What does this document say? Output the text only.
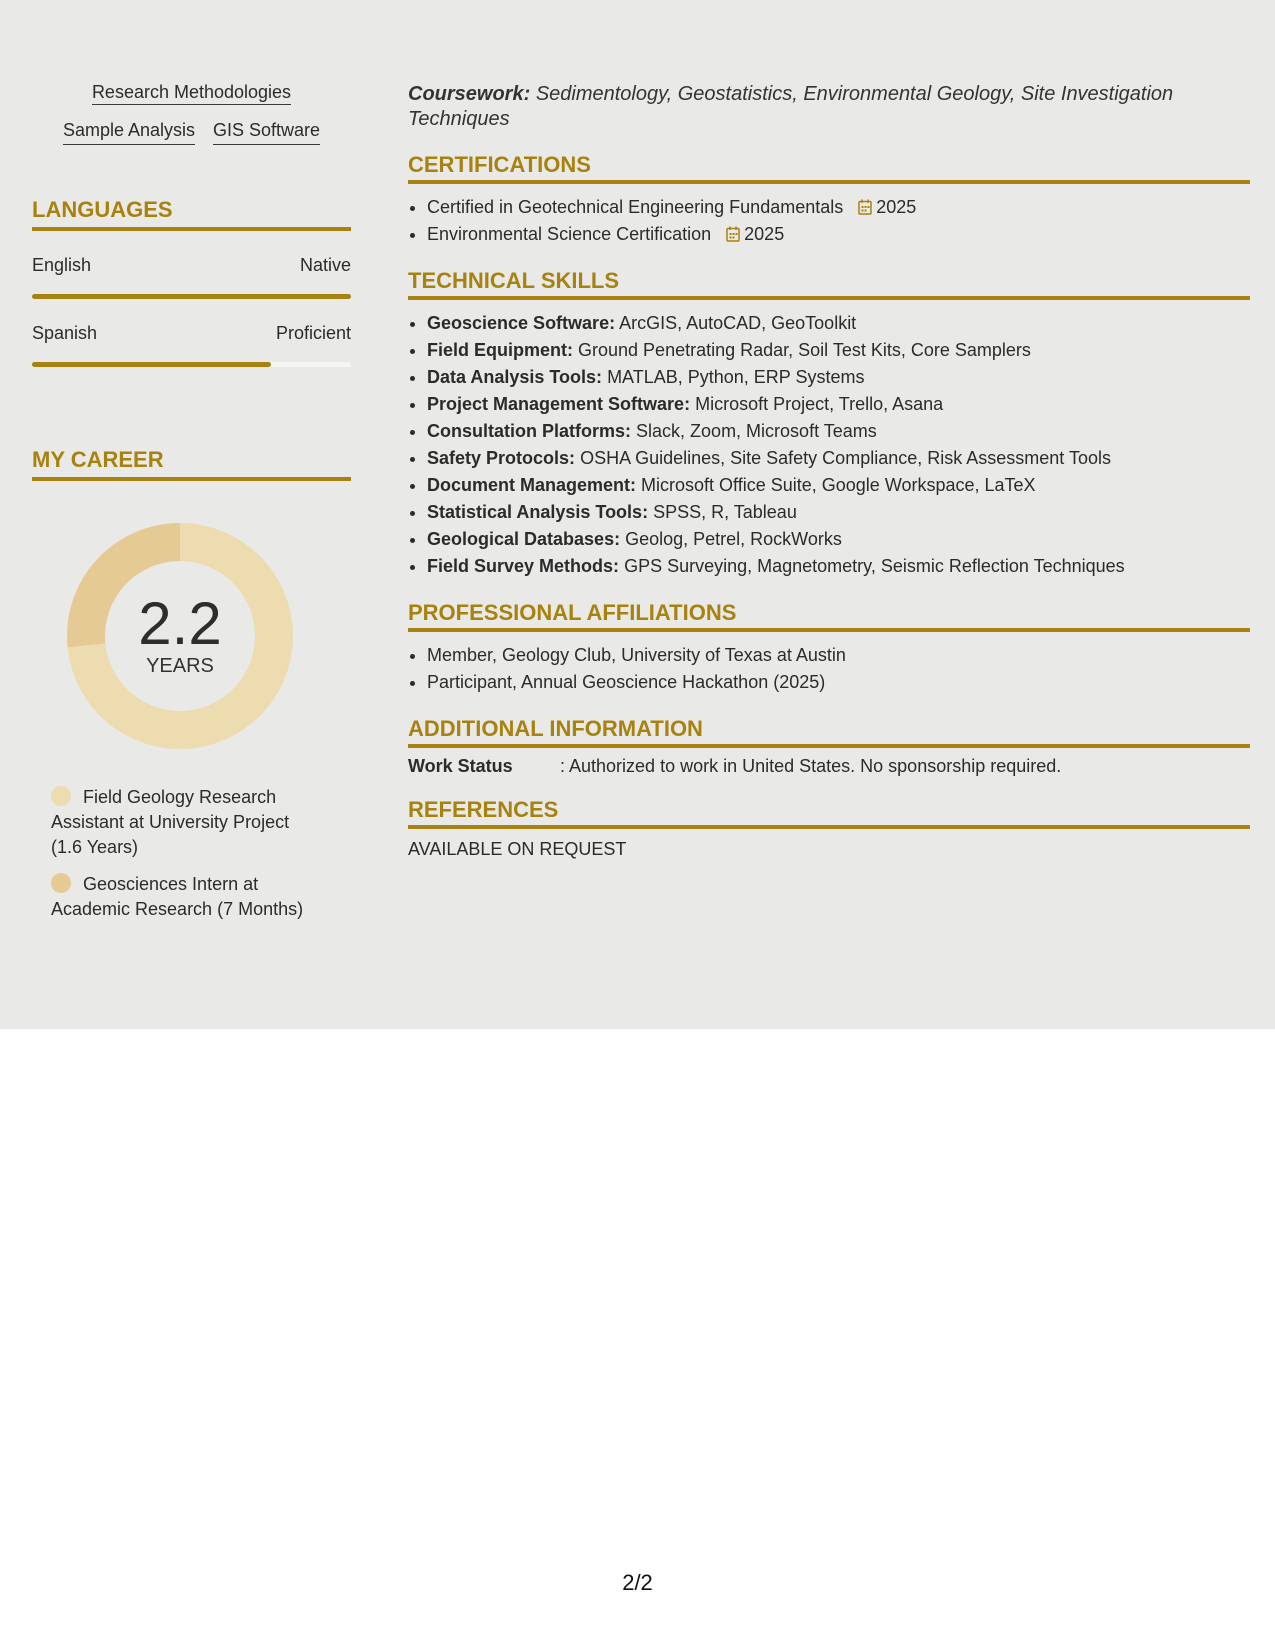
Research Methodologies
Sample Analysis GIS Software
LANGUAGES
English	Native
Spanish	Proficient
MY CAREER
2.2
YEARS
Field Geology Research Assistant at University Project (1.6 Years)
Geosciences Intern at Academic Research (7 Months)
Coursework: Sedimentology, Geostatistics, Environmental Geology, Site Investigation Techniques
CERTIFICATIONS
• Certified in Geotechnical Engineering Fundamentals 2025
• Environmental Science Certification 2025
TECHNICAL SKILLS
• Geoscience Software: ArcGIS, AutoCAD, GeoToolkit
• Field Equipment: Ground Penetrating Radar, Soil Test Kits, Core Samplers
• Data Analysis Tools: MATLAB, Python, ERP Systems
• Project Management Software: Microsoft Project, Trello, Asana
• Consultation Platforms: Slack, Zoom, Microsoft Teams
• Safety Protocols: OSHA Guidelines, Site Safety Compliance, Risk Assessment Tools
• Document Management: Microsoft Office Suite, Google Workspace, LaTeX
• Statistical Analysis Tools: SPSS, R, Tableau
• Geological Databases: Geolog, Petrel, RockWorks
• Field Survey Methods: GPS Surveying, Magnetometry, Seismic Reflection Techniques
PROFESSIONAL AFFILIATIONS
• Member, Geology Club, University of Texas at Austin
• Participant, Annual Geoscience Hackathon (2025)
ADDITIONAL INFORMATION
Work Status	: Authorized to work in United States. No sponsorship required.
REFERENCES
AVAILABLE ON REQUEST
2/2
